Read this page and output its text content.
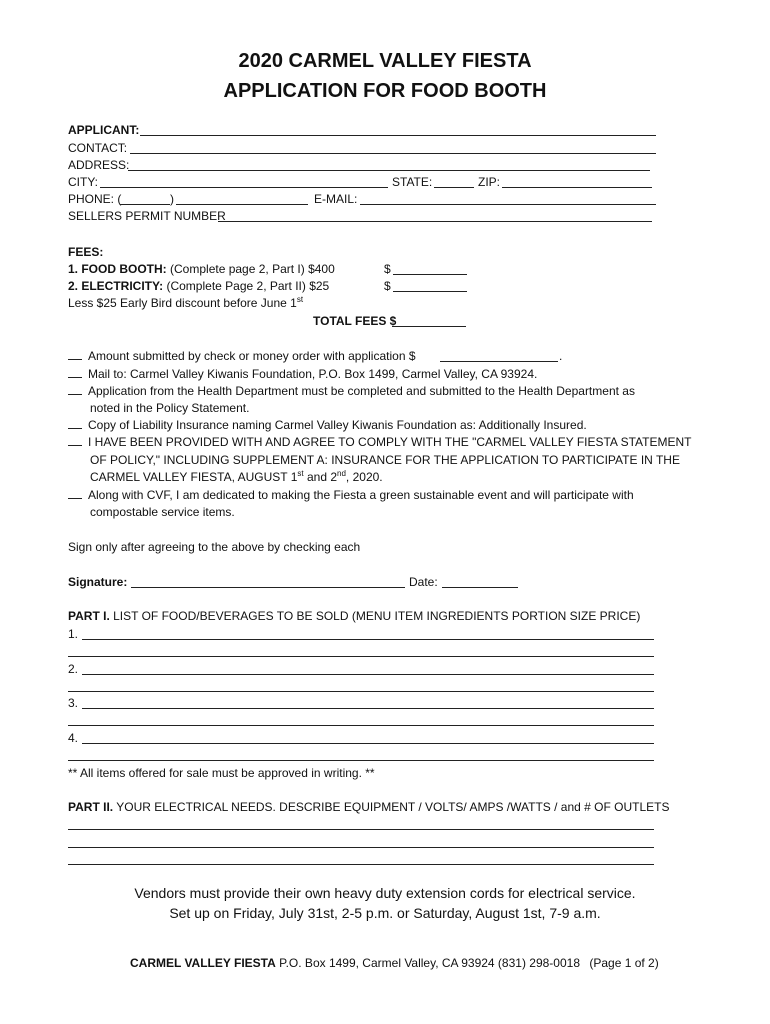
2020 CARMEL VALLEY FIESTA
APPLICATION FOR FOOD BOOTH
APPLICANT:
CONTACT:
ADDRESS:
CITY:	STATE:	ZIP:
PHONE: (	)	E-MAIL:
SELLERS PERMIT NUMBER
FEES:
1. FOOD BOOTH: (Complete page 2, Part I) $400	$
2. ELECTRICITY: (Complete Page 2, Part II) $25	$
Less $25 Early Bird discount before June 1st
TOTAL FEES $
Amount submitted by check or money order with application $	.
Mail to: Carmel Valley Kiwanis Foundation, P.O. Box 1499, Carmel Valley, CA 93924.
Application from the Health Department must be completed and submitted to the Health Department as
noted in the Policy Statement.
Copy of Liability Insurance naming Carmel Valley Kiwanis Foundation as: Additionally Insured.
I HAVE BEEN PROVIDED WITH AND AGREE TO COMPLY WITH THE "CARMEL VALLEY FIESTA STATEMENT
OF POLICY," INCLUDING SUPPLEMENT A: INSURANCE FOR THE APPLICATION TO PARTICIPATE IN THE
CARMEL VALLEY FIESTA, AUGUST 1st and 2nd, 2020.
Along with CVF, I am dedicated to making the Fiesta a green sustainable event and will participate with
compostable service items.
Sign only after agreeing to the above by checking each
Signature:	Date:
PART I. LIST OF FOOD/BEVERAGES TO BE SOLD (MENU ITEM INGREDIENTS PORTION SIZE PRICE)
1.
2.
3.
4.
** All items offered for sale must be approved in writing. **
PART II. YOUR ELECTRICAL NEEDS. DESCRIBE EQUIPMENT / VOLTS/ AMPS /WATTS / and # OF OUTLETS
Vendors must provide their own heavy duty extension cords for electrical service.
Set up on Friday, July 31st, 2-5 p.m. or Saturday, August 1st, 7-9 a.m.
CARMEL VALLEY FIESTA P.O. Box 1499, Carmel Valley, CA 93924 (831) 298-0018 (Page 1 of 2)
